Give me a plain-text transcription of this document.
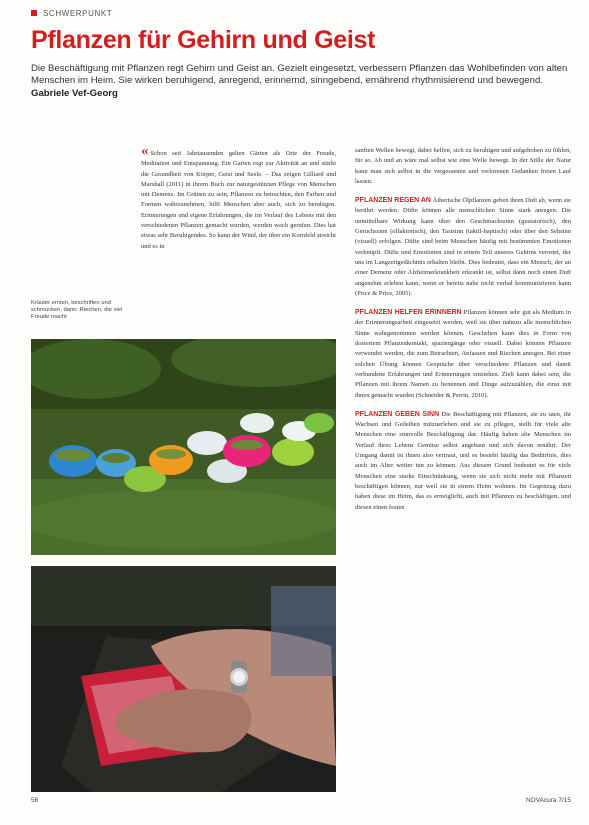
SCHWERPUNKT
Pflanzen für Gehirn und Geist

Die Beschäftigung mit Pflanzen regt Gehirn und Geist an. Gezielt eingesetzt, verbessern Pflanzen das Wohlbefinden von alten Menschen im Heim. Sie wirken beruhigend, anregend, erinnernd, sinngebend, ernährend rhythmisierend und bewegend. Gabriele Vef-Georg

« Schon seit Jahrtausenden gelten Gärten als Orte der Freude, Meditation und Entspannung. Ein Garten regt zur Aktivität an und stärkt die Gesundheit von Körper, Geist und Seele. – Das zeigen Gilliard und Marshall (2011) in ihrem Buch zur naturgestützten Pflege von Menschen mit Demenz. Im Grünen zu sein, Pflanzen zu betrachten, den Farben und Formen wahrzunehmen, hilft Menschen aber auch, sich zu beruhigen. Erinnerungen und eigene Erfahrungen, die im Verlauf des Lebens mit den verschiedenen Pflanzen gemacht wurden, werden wach gerufen. Dies hat etwas sehr Beruhigendes. So kann der Wind, der über ein Kornfeld streicht und es in

Kräuter ernten, beschriften und schmücken, dann: Riechen, die viel Freude macht

sanften Wellen bewegt, dabei helfen, sich zu beruhigen und aufgehoben zu fühlen, für so. Ab und an wäre mal selbst wie eine Welle bewegt. In der Stille der Natur kann man sich selbst in die vergessenen und verlorenen Gedanken freien Lauf lassen.

PFLANZEN REGEN AN Ätherische Ölpflanzen geben ihren Duft ab, wenn sie berührt werden. Düfte können alle menschlichen Sinne stark anregen. Die unmittelbare Wirkung kann über den Geschmackssinn (gustatorisch), den Geruchssinn (olfaktorisch), den Tastsinn (taktil-haptisch) oder über den Sehsinn (visuell) erfolgen. Düfte sind beim Menschen häufig mit bestimmten Emotionen verknüpft. Düfte und Emotionen sind in einem Teil unseres Gehirns verortet, der uns im Langzeitgedächtnis erhalten bleibt. Dies bedeutet, dass ein Mensch, der an einer Demenz oder Alzheimerkrankheit erkrankt ist, selbst dann noch einen Duft angenehm erleben kann, wenn er bereits nahe nicht verbal kommunizieren kann (Price & Price, 2005).

PFLANZEN HELFEN ERINNERN Pflanzen können sehr gut als Medium in der Erinnerungsarbeit eingesetzt werden, weil sie über nahezu alle menschlichen Sinne wahrgenommen werden können. Geschehen kann dies in Form von dosiertem Pflanzenkontakt, spaziergänge oder visuell. Dabei können Pflanzen verwendet werden, die zum Betrachten, Anfassen und Riechen anregen. Bei einer solchen Übung können Gespräche über verschiedene Pflanzen und damit verbundene Erfahrungen und Erinnerungen entstehen. Zielt kann dabei sein, die Pflanzen mit ihrem Namen zu benennen und Dinge aufzuzählen, die einst mit ihnen gemacht wurden (Schneider & Perrin, 2010).

PFLANZEN GEBEN SINN Die Beschäftigung mit Pflanzen, sie zu säen, ihr Wachsen und Gedeihen mitzuerleben und sie zu pflegen, stellt für viele alte Menschen eine sinnvolle Beschäftigung dar. Häufig haben alte Menschen im Verlauf ihres Lebens Gemüse selbst angebaut und sich davon ernährt. Der Umgang damit ist ihnen also vertraut, und es besteht häufig das Bedürfnis, dies auch im Alter weiter tun zu können. Aus diesem Grund bedeutet es für viele Menschen eine starke Einschränkung, wenn sie sich nicht mehr mit Pflanzen beschäftigen können, nur weil sie in einem Heim wohnen. Im Gegenzug dazu haben diese im Heim, das es ermöglicht, auch mit Pflanzen zu beschäftigen, und diesen einen festen

56	NOVAcura 7/15
